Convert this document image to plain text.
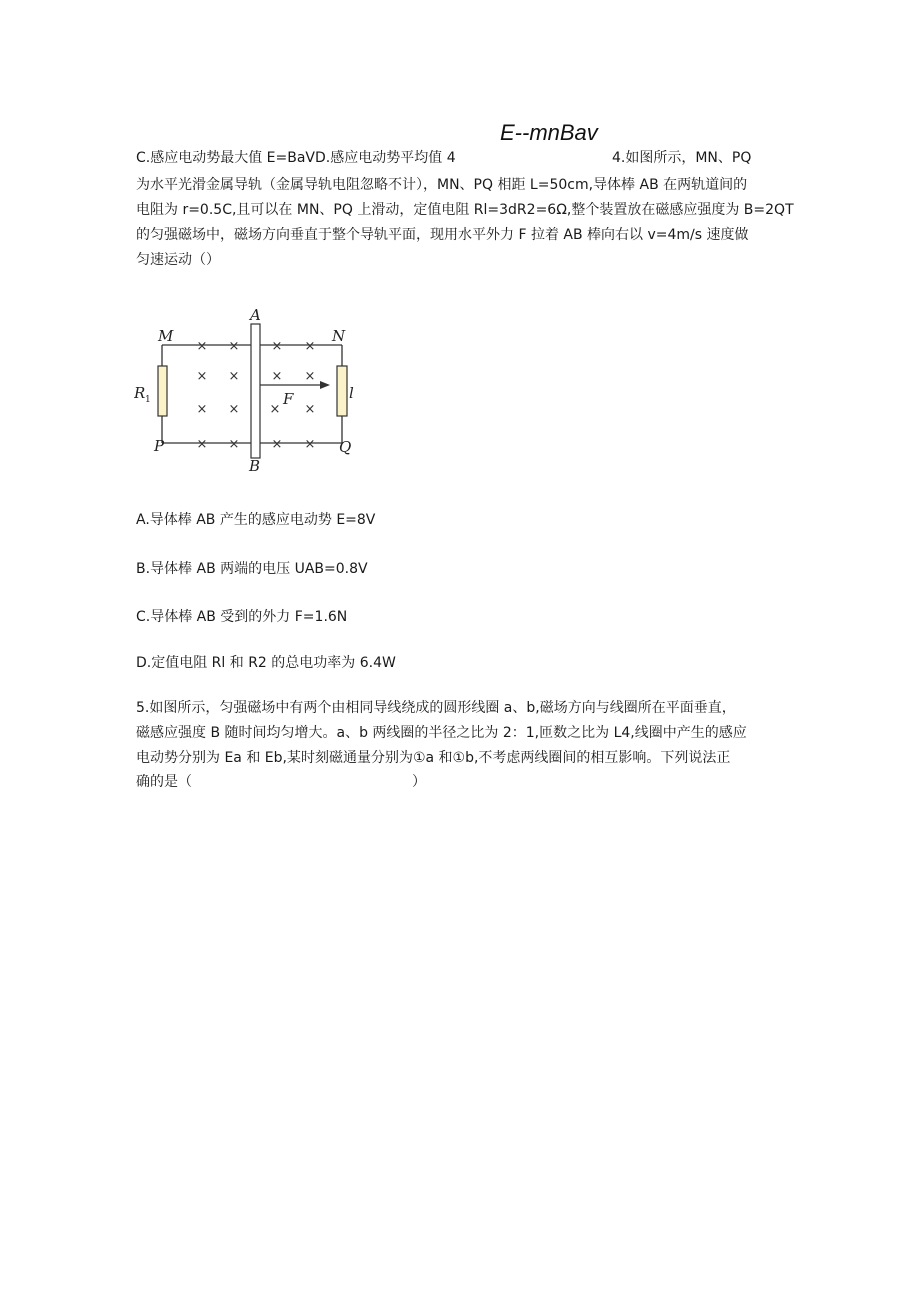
E--тnBav
C.感应电动势最大值 E=BaVD.感应电动势平均值 4	4.如图所示，MN、PQ
为水平光滑金属导轨（金属导轨电阻忽略不计），MN、PQ 相距 L=50cm,导体棒 AB 在两轨道间的
电阻为 r=0.5C,且可以在 MN、PQ 上滑动，定值电阻 Rl=3dR2=6Ω,整个装置放在磁感应强度为 B=2QT
的匀强磁场中，磁场方向垂直于整个导轨平面，现用水平外力 F 拉着 AB 棒向右以 v=4m∕s 速度做
匀速运动（）
× × × ×
× × × ×
× × × ×
× × × ×
M	N
P	Q
A
B
R	F	l
1
A.导体棒 AB 产生的感应电动势 E=8V
B.导体棒 AB 两端的电压 UAB=0.8V
C.导体棒 AB 受到的外力 F=1.6N
D.定值电阻 Rl 和 R2 的总电功率为 6.4W
5.如图所示，匀强磁场中有两个由相同导线绕成的圆形线圈 a、b,磁场方向与线圈所在平面垂直，
磁感应强度 B 随时间均匀增大。a、b 两线圈的半径之比为 2：1,匝数之比为 L4,线圈中产生的感应
电动势分别为 Ea 和 Eb,某时刻磁通量分别为①a 和①b,不考虑两线圈间的相互影响。下列说法正
确的是（	）
